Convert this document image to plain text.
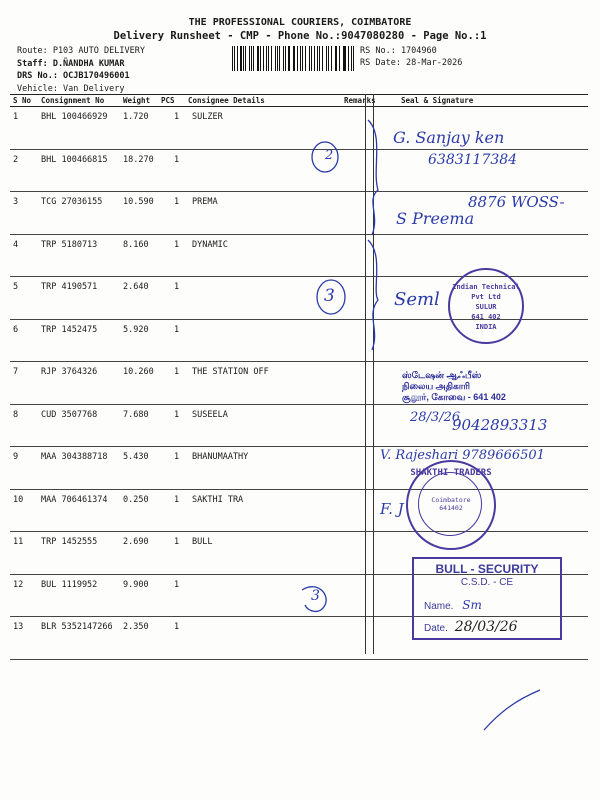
THE PROFESSIONAL COURIERS, COIMBATORE
Delivery Runsheet - CMP - Phone No.:9047080280 - Page No.:1
Route: P103 AUTO DELIVERY
Staff: D.ÑANDHA KUMAR
DRS No.: OCJB170496001
Vehicle: Van Delivery
RS No.: 1704960
RS Date: 28-Mar-2026
S No Consignment No	Weight PCS Consignee Details	Remarks	Seal & Signature
1	BHL 100466929 1.720	1 SULZER
2	BHL 100466815 18.270 1
3	TCG 27036155 10.590 1 PREMA
4	TRP 5180713	8.160	1 DYNAMIC
5	TRP 4190571	2.640	1
6	TRP 1452475	5.920	1
7	RJP 3764326	10.260 1 THE STATION OFF
8	CUD 3507768	7.680	1 SUSEELA
9	MAA 304388718 5.430	1 BHANUMAATHY
10 MAA 706461374 0.250	1 SAKTHI TRA
11 TRP 1452555	2.690	1 BULL
12 BUL 1119952	9.900	1
13 BLR 5352147266 2.350	1
2
3
3
G. Sanjay ken
6383117384
8876 WOSS-
S Preema
Seml
28/3/26
9042893313
V. Rajeshari 9789666501
F. J
Indian Technical Pvt Ltd
SULUR
641 402
INDIA
ஸ்டேஷன் ஆஃபீஸ்
நிலைய அதிகாரி
சூலூர், கோவை - 641 402
SHAKTHI TRADERS
Coimbatore 641402
BULL - SECURITY
C.S.D. - CE
Name. Sm
Date. 28/03/26
